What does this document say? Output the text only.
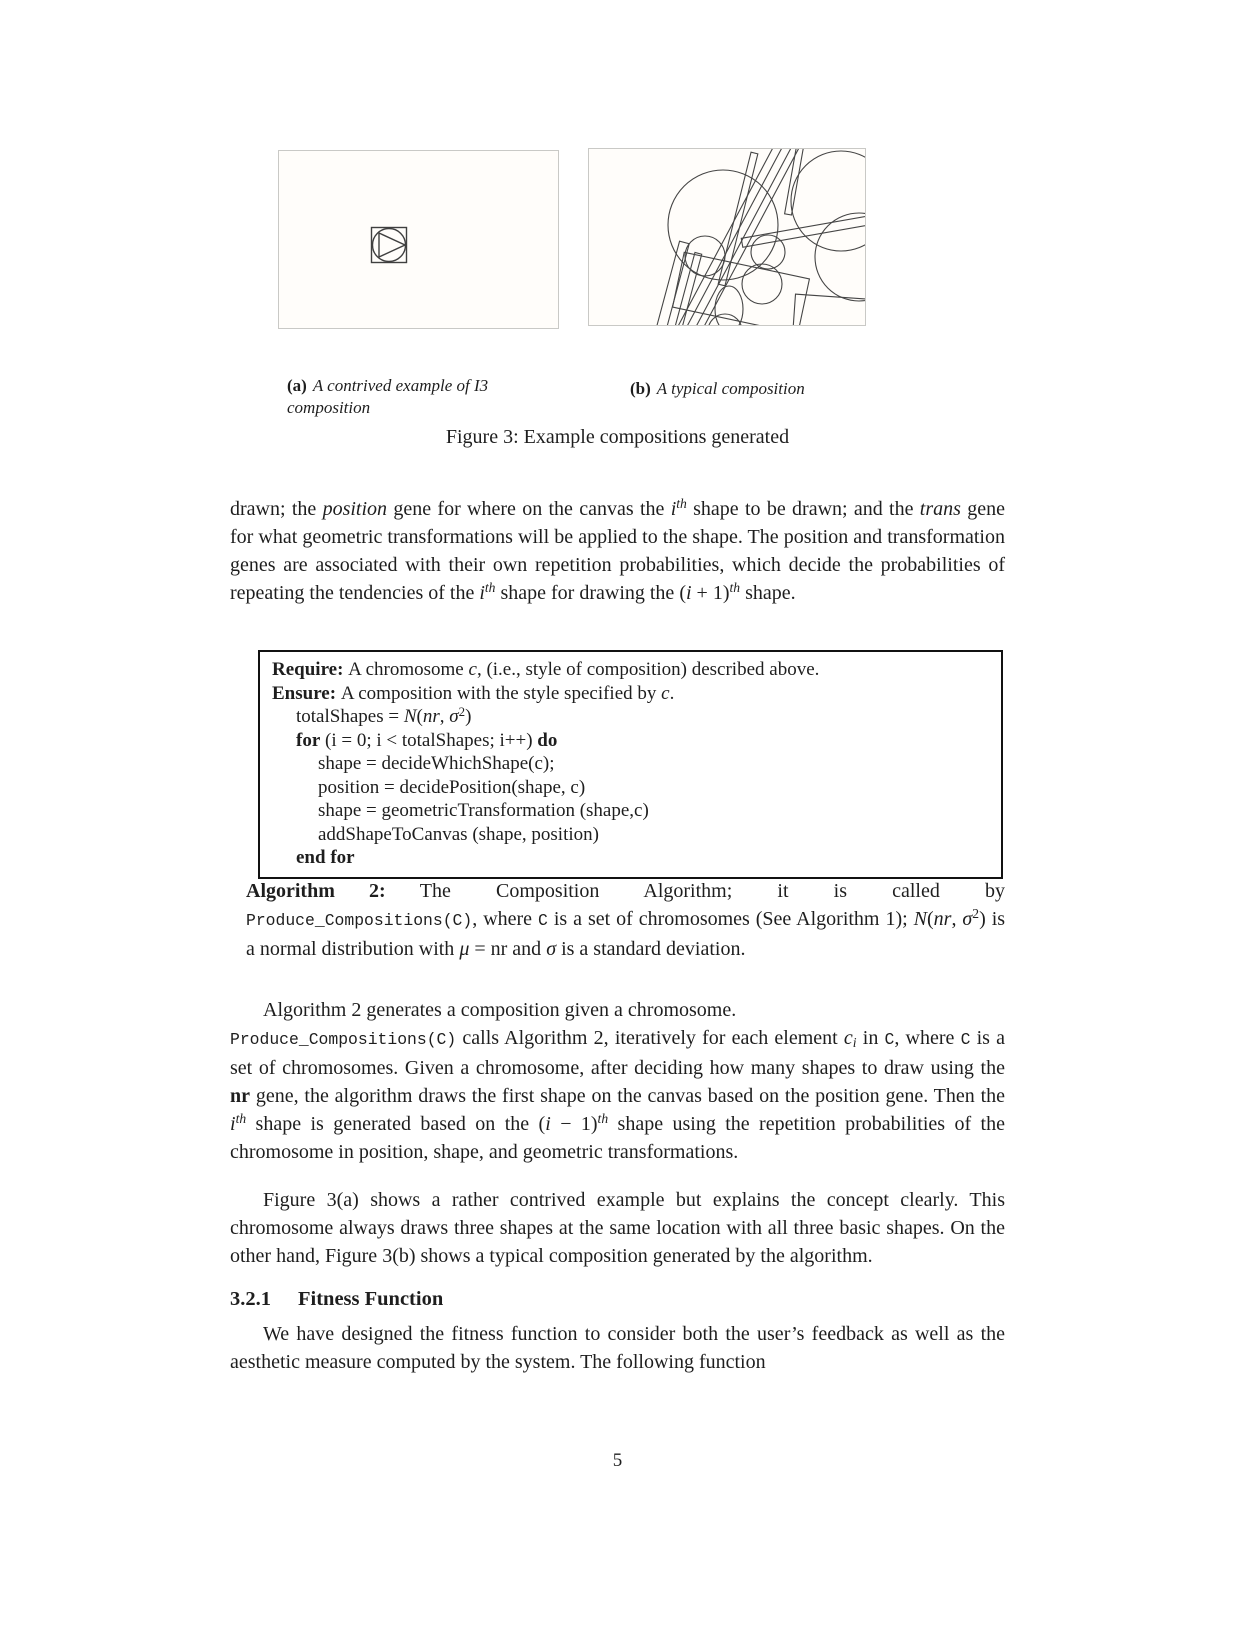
(a) A contrived example of I3 composition
(b) A typical composition
Figure 3: Example compositions generated
drawn; the position gene for where on the canvas the $i^{th}$ shape to be drawn; and the trans gene for what geometric transformations will be applied to the shape. The position and transformation genes are associated with their own repetition probabilities, which decide the probabilities of repeating the tendencies of the $i^{th}$ shape for drawing the $(i + 1)^{th}$ shape.
Require: A chromosome c, (i.e., style of composition) described above.
Ensure: A composition with the style specified by c.
totalShapes = N(nr, $\sigma^2$)
for (i = 0; i < totalShapes; i++) do
shape = decideWhichShape(c);
position = decidePosition(shape, c)
shape = geometricTransformation (shape,c)
addShapeToCanvas (shape, position)
end for
Algorithm 2: The Composition Algorithm; it is called by Produce_Compositions(C), where C is a set of chromosomes (See Algorithm 1); N(nr, $\sigma^2$) is a normal distribution with μ = nr and σ is a standard deviation.
Algorithm 2 generates a composition given a chromosome.
Produce_Compositions(C) calls Algorithm 2, iteratively for each element ci in C, where C is a set of chromosomes. Given a chromosome, after deciding how many shapes to draw using the nr gene, the algorithm draws the first shape on the canvas based on the position gene. Then the $i^{th}$ shape is generated based on the $(i - 1)^{th}$ shape using the repetition probabilities of the chromosome in position, shape, and geometric transformations.
Figure 3(a) shows a rather contrived example but explains the concept clearly. This chromosome always draws three shapes at the same location with all three basic shapes. On the other hand, Figure 3(b) shows a typical composition generated by the algorithm.
3.2.1 Fitness Function
We have designed the fitness function to consider both the user’s feedback as well as the aesthetic measure computed by the system. The following function
5
